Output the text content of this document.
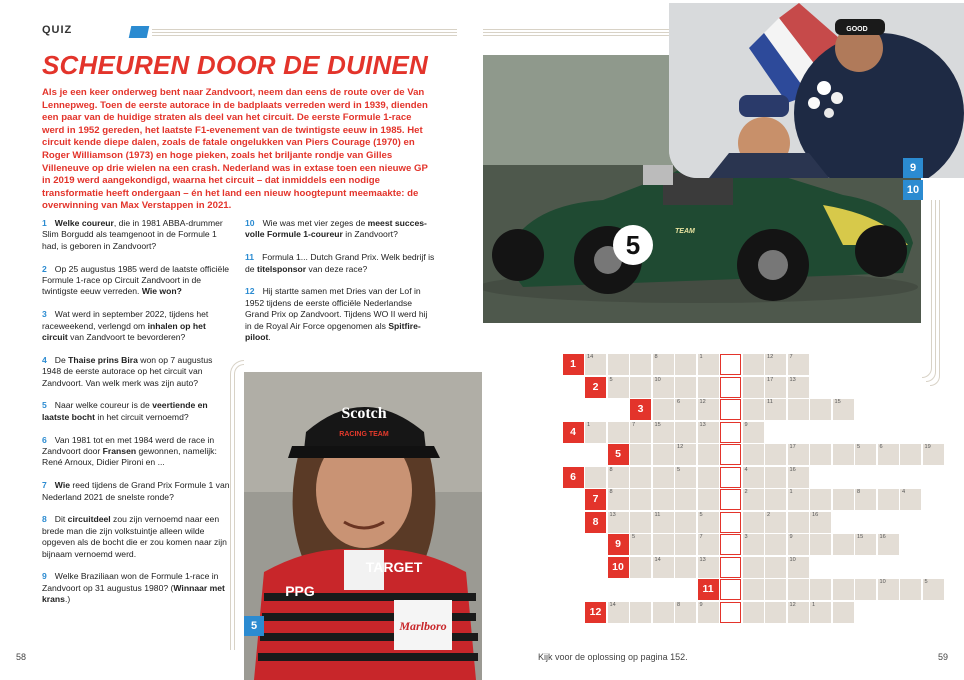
QUIZ
SCHEUREN DOOR DE DUINEN

Als je een keer onderweg bent naar Zandvoort, neem dan eens de route over de Van Lennepweg. Toen de eerste autorace in de badplaats verreden werd in 1939, dienden een paar van de huidige straten als deel van het circuit. De eerste Formule 1-race werd in 1952 gereden, het laatste F1-evenement van de twintigste eeuw in 1985. Het circuit kende diepe dalen, zoals de fatale ongelukken van Piers Courage (1970) en Roger Williamson (1973) en hoge pieken, zoals het briljante rondje van Gilles Villeneuve op drie wielen na een crash. Nederland was in extase toen een nieuwe GP in 2019 werd aangekondigd, waarna het circuit – dat inmiddels een nodige transformatie heeft ondergaan – én het land een nieuw hoogtepunt meemaakte: de overwinning van Max Verstappen in 2021.

1 Welke coureur, die in 1981 ABBA-drummer Slim Borgudd als teamgenoot in de Formule 1 had, is geboren in Zandvoort?

2 Op 25 augustus 1985 werd de laatste officiële Formule 1-race op Circuit Zandvoort in de twintigste eeuw verreden. Wie won?

3 Wat werd in september 2022, tijdens het raceweekend, verlengd om inhalen op het circuit van Zandvoort te bevorderen?

4 De Thaise prins Bira won op 7 augustus 1948 de eerste autorace op het circuit van Zandvoort. Van welk merk was zijn auto?

5 Naar welke coureur is de veertiende en laatste bocht in het circuit vernoemd?

6 Van 1981 tot en met 1984 werd de race in Zandvoort door Fransen gewonnen, namelijk: René Arnoux, Didier Pironi en ...

7 Wie reed tijdens de Grand Prix Formule 1 van Nederland 2021 de snelste ronde?

8 Dit circuitdeel zou zijn vernoemd naar een brede man die zijn volkstuintje alleen wilde opgeven als de bocht die er zou komen naar zijn bijnaam vernoemd werd.

9 Welke Braziliaan won de Formule 1-race in Zandvoort op 31 augustus 1980? (Winnaar met krans.)

10 Wie was met vier zeges de meest succesvolle Formule 1-coureur in Zandvoort?

11 Formula 1... Dutch Grand Prix. Welk bedrijf is de titelsponsor van deze race?

12 Hij startte samen met Dries van der Lof in 1952 tijdens de eerste officiële Nederlandse Grand Prix op Zandvoort. Tijdens WO II werd hij in de Royal Air Force opgenomen als Spitfire-piloot.

5	TEAM
GOOD
9
10
Scotch
RACING TEAM
Marlboro
PPG
TARGET
5
1
14	8	1	12	7
2
5	10	17	13
3
6	12	11	15
4
1	7	15	13	9
5
12	17	5	6	19
6
8	5	4	16
7
8	2	1	8	4
8
13	11	5	2	16
9
5	7	3	9	15	16
10
14	13	10
11
10	5
12
14	8	9	12	1
58	Kijk voor de oplossing op pagina 152.	59
